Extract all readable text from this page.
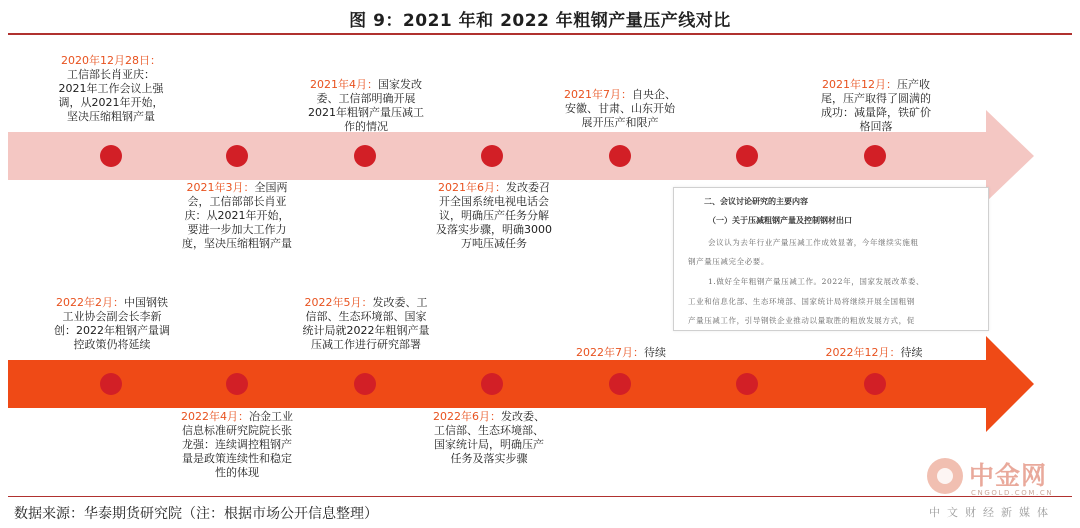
图 9：2021 年和 2022 年粗钢产量压产线对比
2020年12月28日：工信部长肖亚庆：2021年工作会议上强调，从2021年开始，坚决压缩粗钢产量
2021年4月：国家发改委、工信部明确开展2021年粗钢产量压减工作的情况
2021年7月：自央企、安徽、甘肃、山东开始展开压产和限产
2021年12月：压产收尾，压产取得了圆满的成功：减量降，铁矿价格回落
2021年3月：全国两会，工信部部长肖亚庆：从2021年开始，要进一步加大工作力度，坚决压缩粗钢产量
2021年6月：发改委召开全国系统电视电话会议，明确压产任务分解及落实步骤，明确3000万吨压减任务
2022年2月：中国钢铁工业协会副会长李新创：2022年粗钢产量调控政策仍将延续
2022年5月：发改委、工信部、生态环境部、国家统计局就2022年粗钢产量压减工作进行研究部署
2022年7月：待续	2022年12月：待续
2022年4月：冶金工业信息标准研究院院长张龙强：连续调控粗钢产量是政策连续性和稳定性的体现
2022年6月：发改委、工信部、生态环境部、国家统计局，明确压产任务及落实步骤
二、会议讨论研究的主要内容
（一）关于压减粗钢产量及控制钢材出口
会议认为去年行业产量压减工作成效显著，今年继续实施粗
钢产量压减完全必要。
1.做好全年粗钢产量压减工作。2022年，国家发展改革委、
工业和信息化部、生态环境部、国家统计局将继续开展全国粗钢
产量压减工作，引导钢铁企业推动以量取胜的粗放发展方式，促
数据来源：华泰期货研究院（注：根据市场公开信息整理）
中金网
CNGOLD.COM.CN
中文财经新媒体
